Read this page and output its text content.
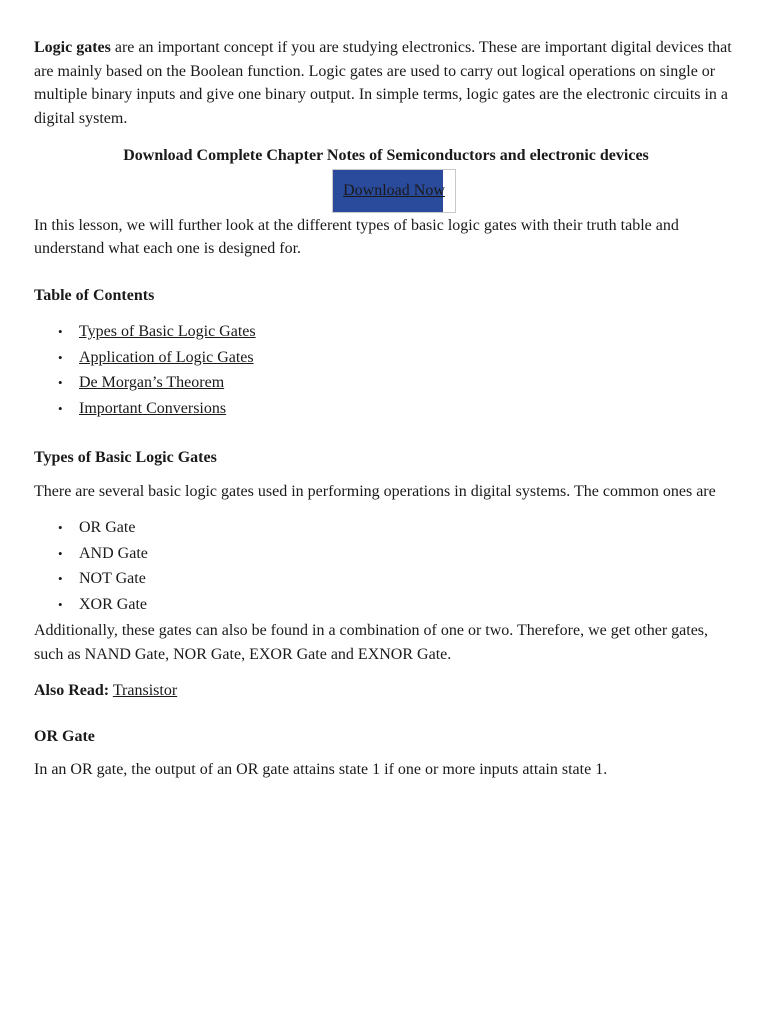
Logic gates are an important concept if you are studying electronics. These are important digital devices that are mainly based on the Boolean function. Logic gates are used to carry out logical operations on single or multiple binary inputs and give one binary output. In simple terms, logic gates are the electronic circuits in a digital system.

Download Complete Chapter Notes of Semiconductors and electronic devices

Download Now

In this lesson, we will further look at the different types of basic logic gates with their truth table and understand what each one is designed for.

Table of Contents

• Types of Basic Logic Gates
• Application of Logic Gates
• De Morgan’s Theorem
• Important Conversions

Types of Basic Logic Gates

There are several basic logic gates used in performing operations in digital systems. The common ones are

• OR Gate
• AND Gate
• NOT Gate
• XOR Gate

Additionally, these gates can also be found in a combination of one or two. Therefore, we get other gates, such as NAND Gate, NOR Gate, EXOR Gate and EXNOR Gate.

Also Read: Transistor

OR Gate

In an OR gate, the output of an OR gate attains state 1 if one or more inputs attain state 1.
